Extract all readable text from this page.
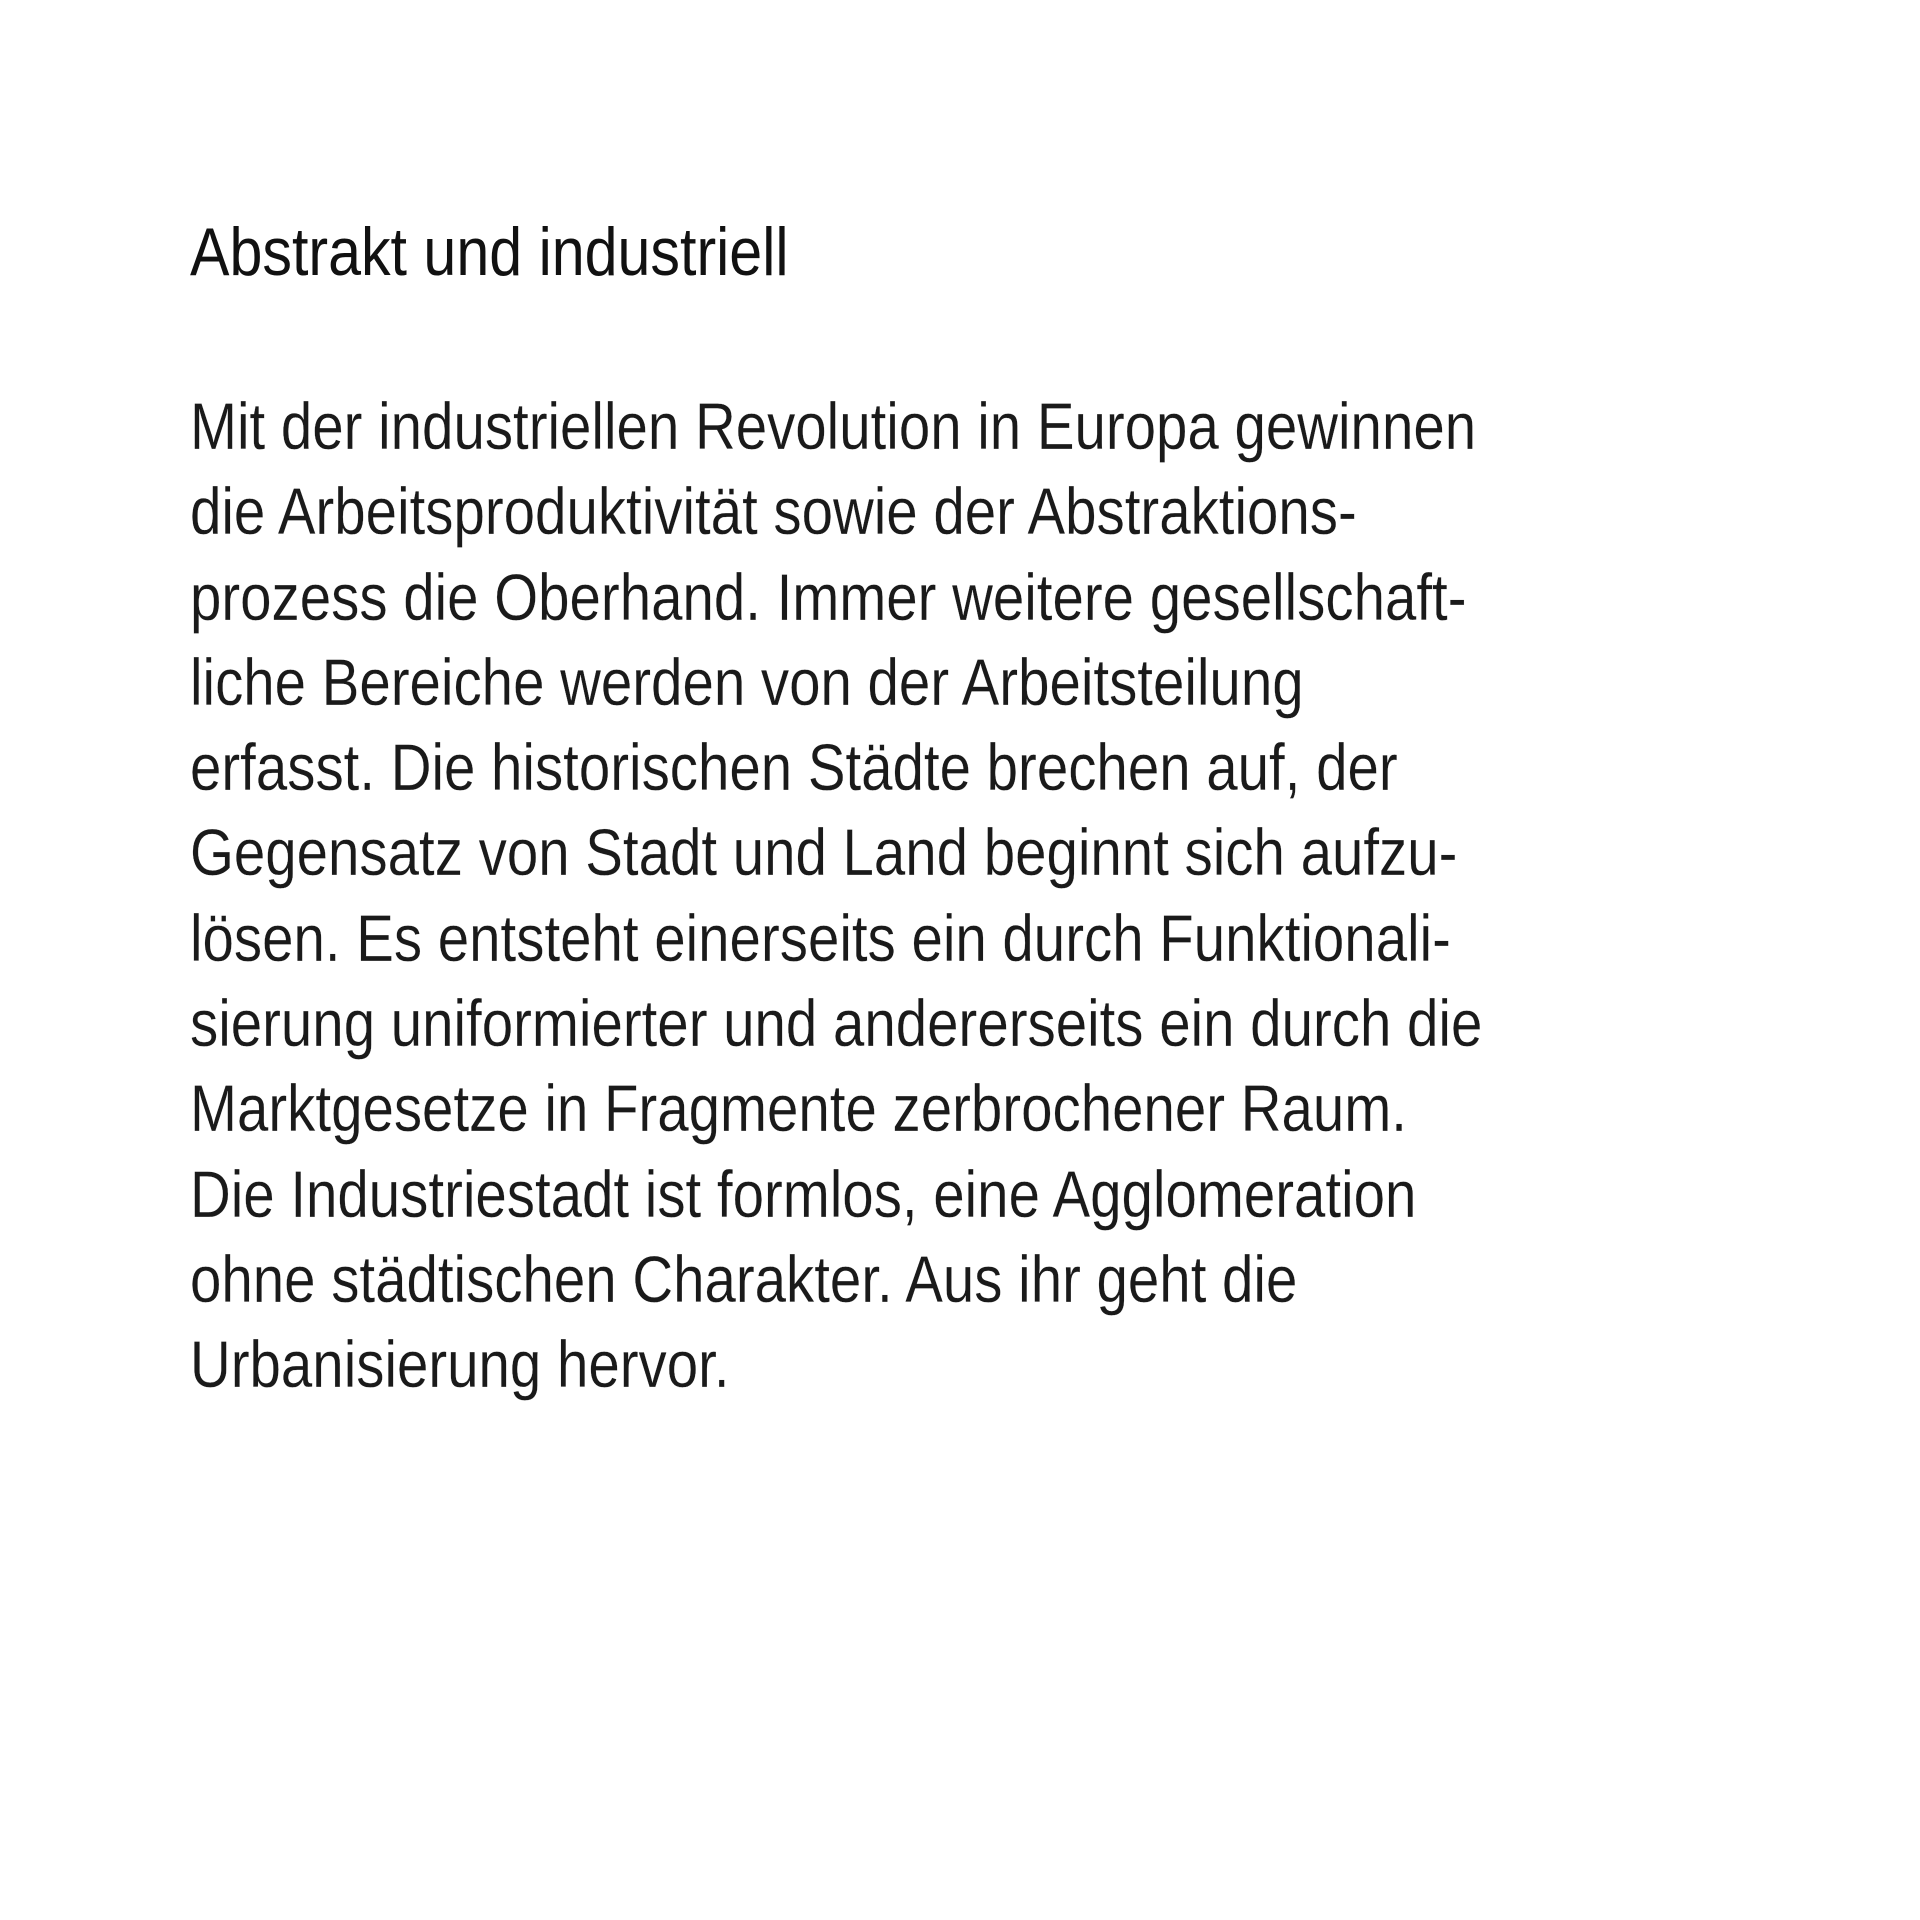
Abstrakt und industriell

Mit der industriellen Revolution in Europa gewinnen
die Arbeitsproduktivität sowie der Abstraktions-
prozess die Oberhand. Immer weitere gesellschaft-
liche Bereiche werden von der Arbeitsteilung
erfasst. Die historischen Städte brechen auf, der
Gegensatz von Stadt und Land beginnt sich aufzu-
lösen. Es entsteht einerseits ein durch Funktionali-
sierung uniformierter und andererseits ein durch die
Marktgesetze in Fragmente zerbrochener Raum.
Die Industriestadt ist formlos, eine Agglomeration
ohne städtischen Charakter. Aus ihr geht die
Urbanisierung hervor.
